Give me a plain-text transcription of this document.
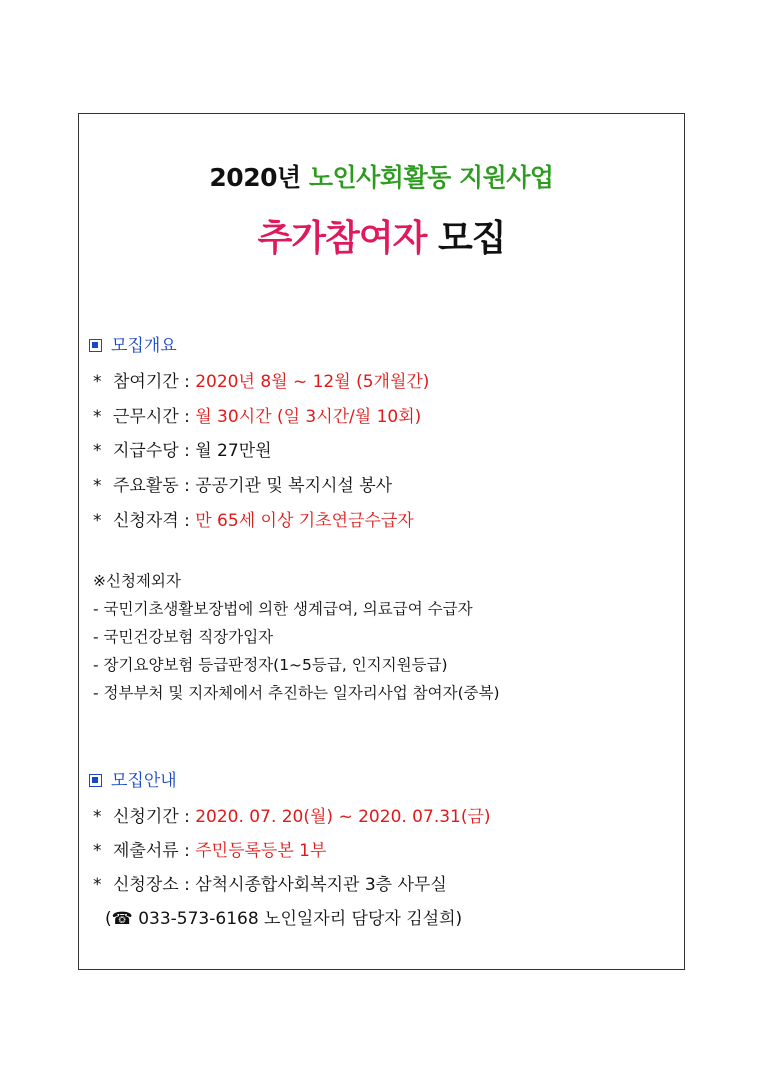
2020년 노인사회활동 지원사업
추가참여자 모집
모집개요
* 참여기간 : 2020년 8월 ~ 12월 (5개월간)
* 근무시간 : 월 30시간 (일 3시간/월 10회)
* 지급수당 : 월 27만원
* 주요활동 : 공공기관 및 복지시설 봉사
* 신청자격 : 만 65세 이상 기초연금수급자
※신청제외자
- 국민기초생활보장법에 의한 생계급여, 의료급여 수급자
- 국민건강보험 직장가입자
- 장기요양보험 등급판정자(1~5등급, 인지지원등급)
- 정부부처 및 지자체에서 추진하는 일자리사업 참여자(중복)
모집안내
* 신청기간 : 2020. 07. 20(월) ~ 2020. 07.31(금)
* 제출서류 : 주민등록등본 1부
* 신청장소 : 삼척시종합사회복지관 3층 사무실
(☎ 033-573-6168 노인일자리 담당자 김설희)
